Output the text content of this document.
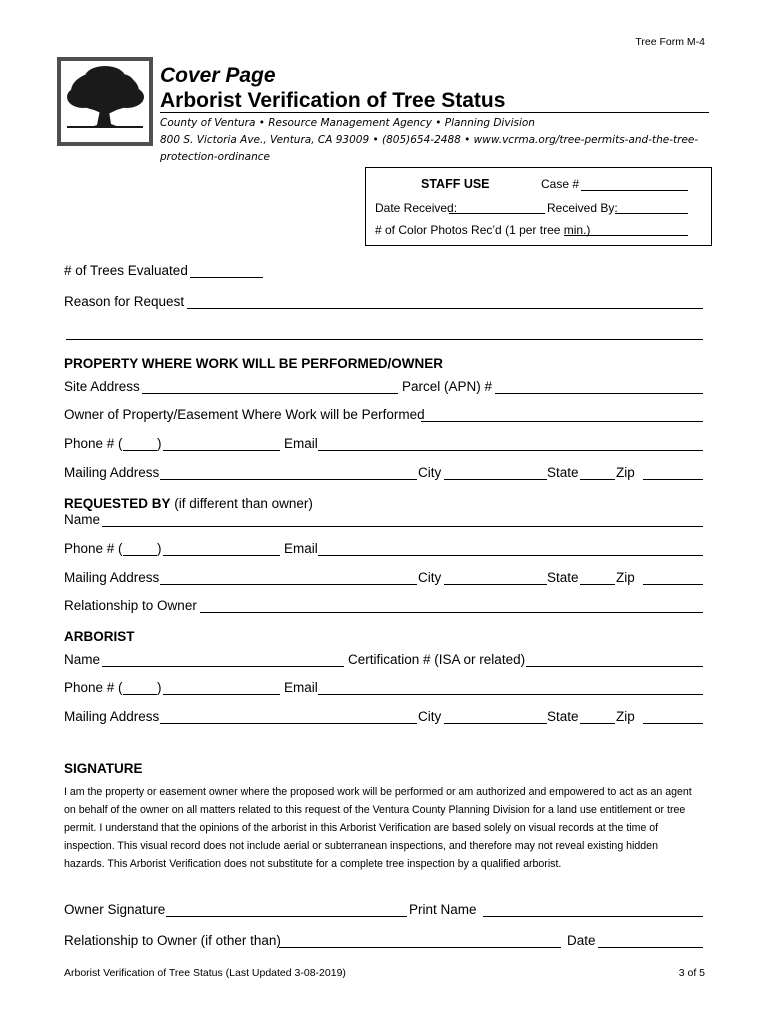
Tree Form M-4
Cover Page
Arborist Verification of Tree Status
County of Ventura • Resource Management Agency • Planning Division
800 S. Victoria Ave., Ventura, CA 93009 • (805)654-2488 • www.vcrma.org/tree-permits-and-the-tree-
protection-ordinance
STAFF USE	Case #
Date Received:	Received By:
# of Color Photos Rec’d (1 per tree min.)
# of Trees Evaluated
Reason for Request
PROPERTY WHERE WORK WILL BE PERFORMED/OWNER
Site Address	Parcel (APN) #
Owner of Property/Easement Where Work will be Performed
Phone # (	)	Email
Mailing Address	City	State	Zip
REQUESTED BY (if different than owner)
Name
Phone # (	)	Email
Mailing Address	City	State	Zip
Relationship to Owner
ARBORIST
Name	Certification # (ISA or related)
Phone # (	)	Email
Mailing Address	City	State	Zip
SIGNATURE
I am the property or easement owner where the proposed work will be performed or am authorized and empowered to act as an agent
on behalf of the owner on all matters related to this request of the Ventura County Planning Division for a land use entitlement or tree
permit. I understand that the opinions of the arborist in this Arborist Verification are based solely on visual records at the time of
inspection. This visual record does not include aerial or subterranean inspections, and therefore may not reveal existing hidden
hazards. This Arborist Verification does not substitute for a complete tree inspection by a qualified arborist.
Owner Signature	Print Name
Relationship to Owner (if other than)	Date
Arborist Verification of Tree Status (Last Updated 3-08-2019)	3 of 5
